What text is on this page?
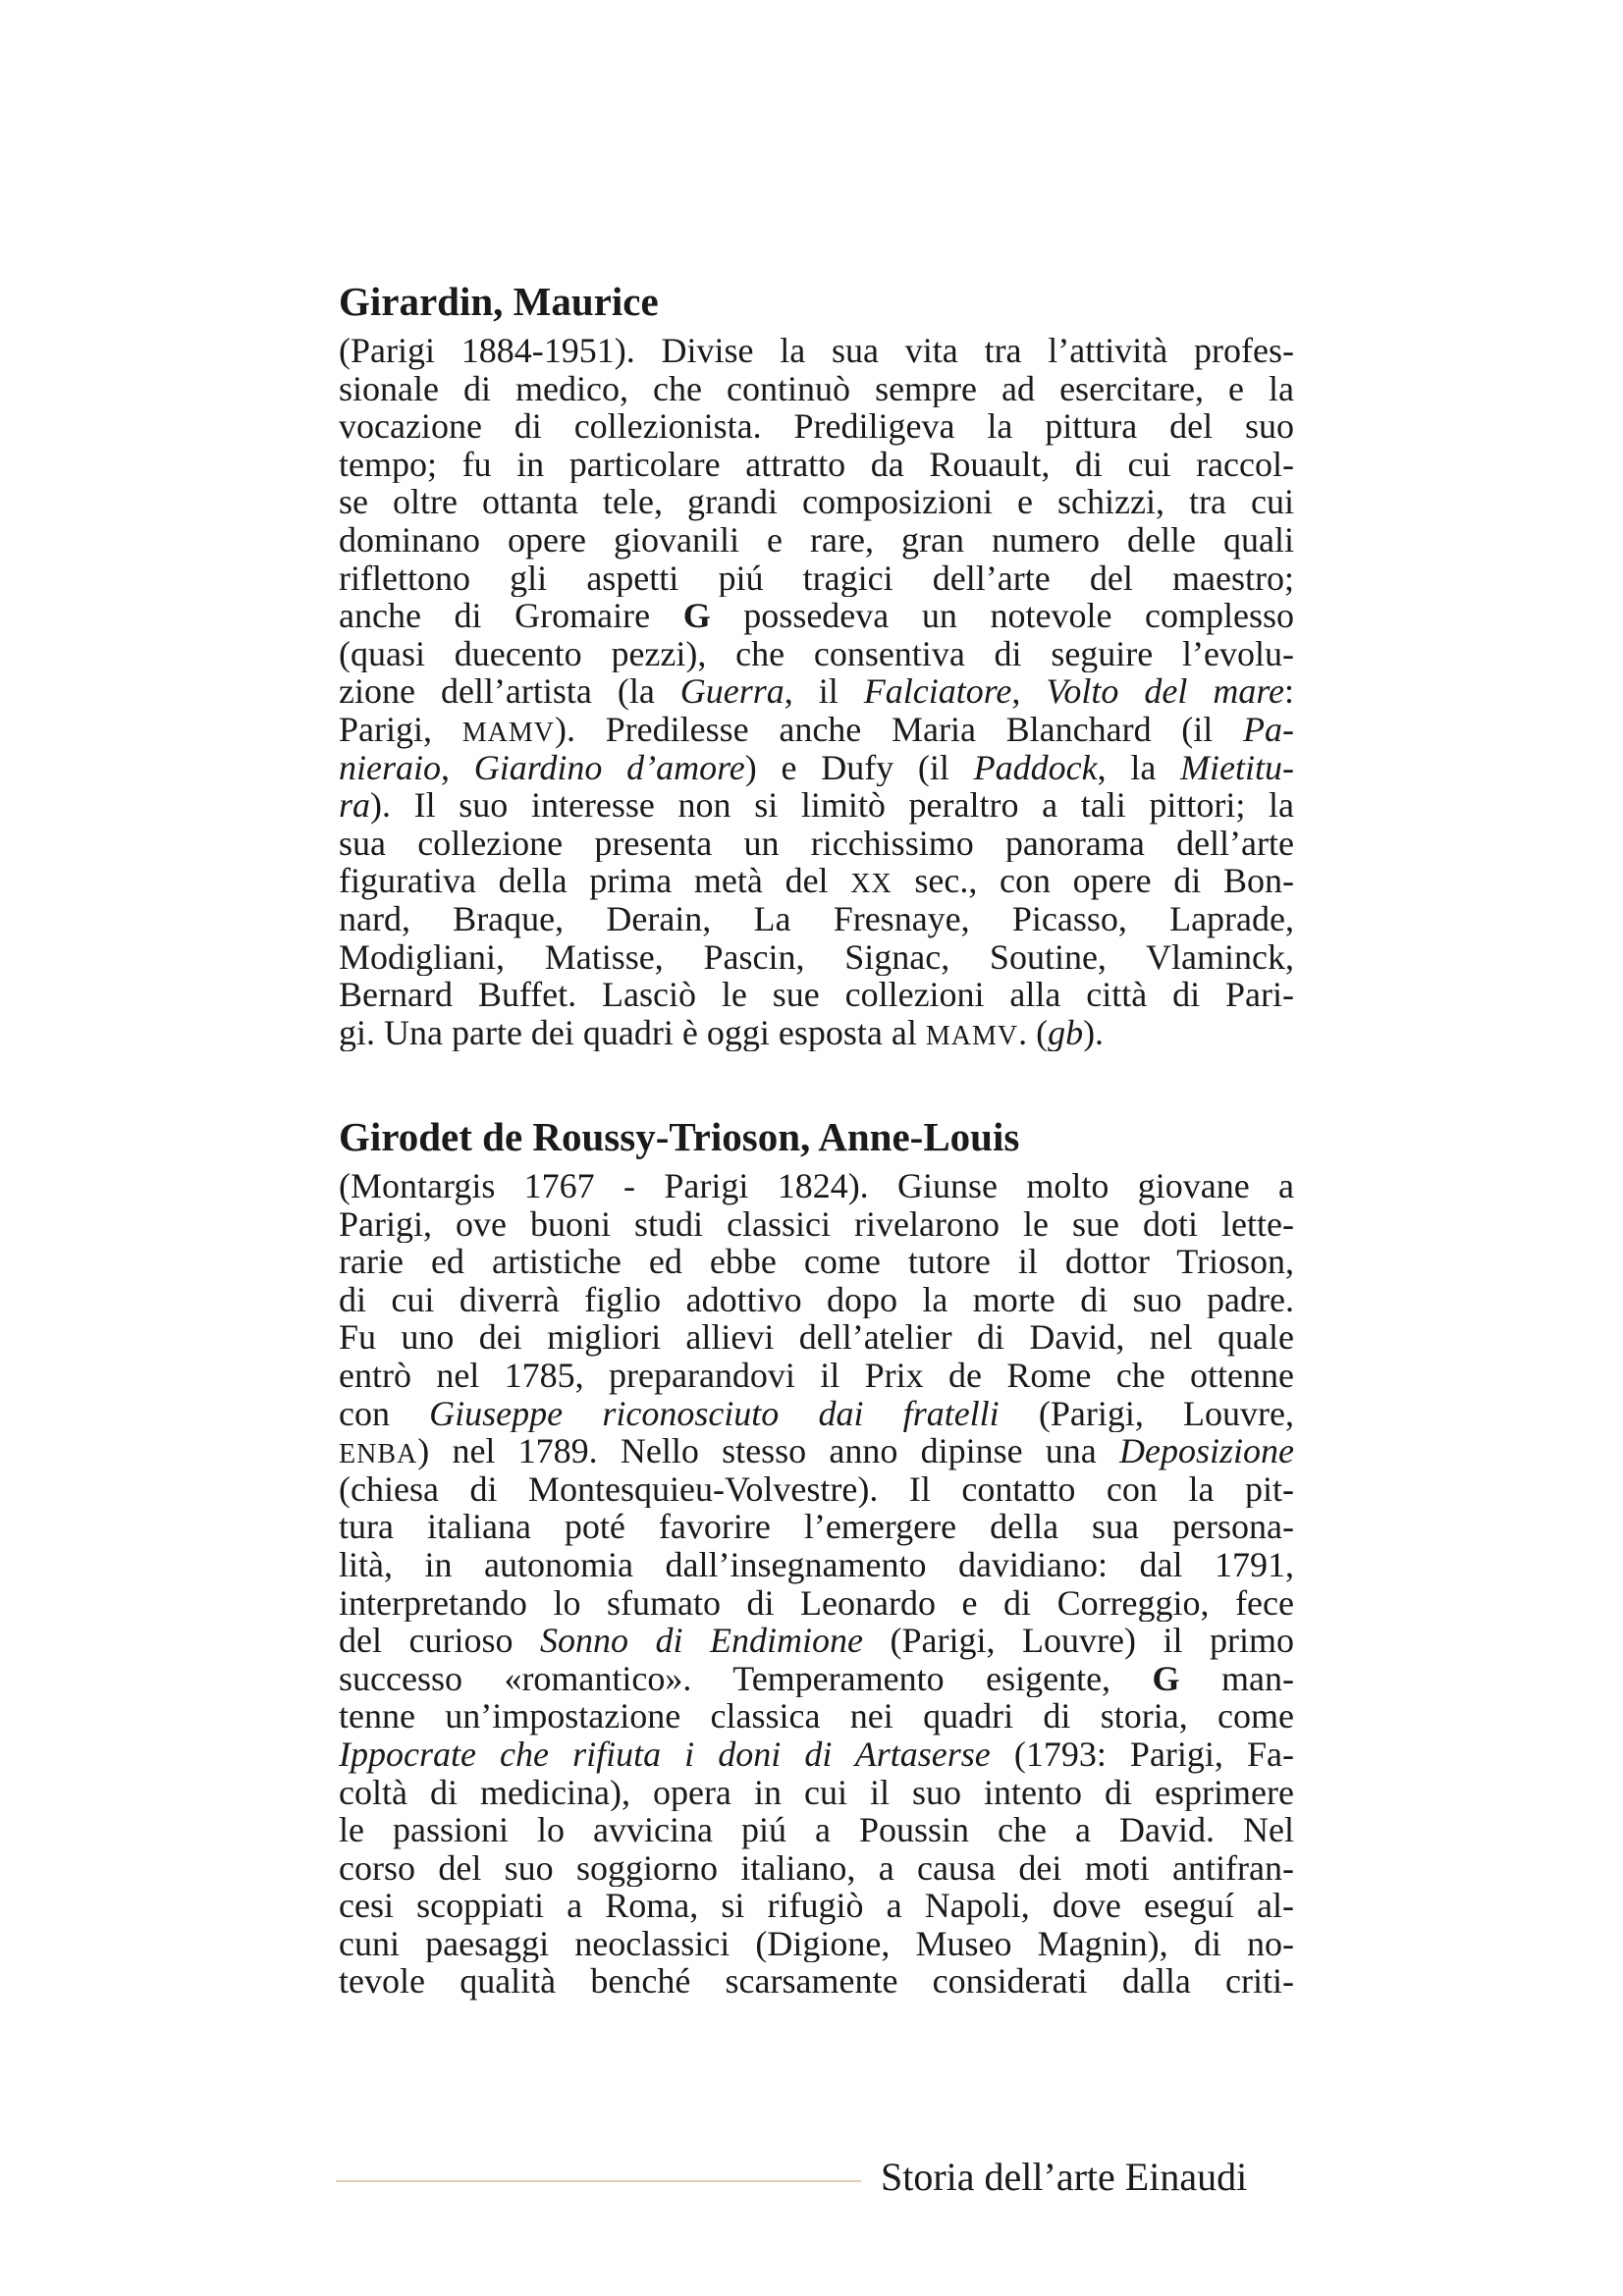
Girardin, Maurice
(Parigi 1884-1951). Divise la sua vita tra l’attività profes-
sionale di medico, che continuò sempre ad esercitare, e la
vocazione di collezionista. Prediligeva la pittura del suo
tempo; fu in particolare attratto da Rouault, di cui raccol-
se oltre ottanta tele, grandi composizioni e schizzi, tra cui
dominano opere giovanili e rare, gran numero delle quali
riflettono gli aspetti piú tragici dell’arte del maestro;
anche di Gromaire G possedeva un notevole complesso
(quasi duecento pezzi), che consentiva di seguire l’evolu-
zione dell’artista (la Guerra, il Falciatore, Volto del mare:
Parigi, MAMV). Predilesse anche Maria Blanchard (il Pa-
nieraio, Giardino d’amore) e Dufy (il Paddock, la Mietitu-
ra). Il suo interesse non si limitò peraltro a tali pittori; la
sua collezione presenta un ricchissimo panorama dell’arte
figurativa della prima metà del XX sec., con opere di Bon-
nard, Braque, Derain, La Fresnaye, Picasso, Laprade,
Modigliani, Matisse, Pascin, Signac, Soutine, Vlaminck,
Bernard Buffet. Lasciò le sue collezioni alla città di Pari-
gi. Una parte dei quadri è oggi esposta al MAMV. (gb).
Girodet de Roussy-Trioson, Anne-Louis
(Montargis 1767 - Parigi 1824). Giunse molto giovane a
Parigi, ove buoni studi classici rivelarono le sue doti lette-
rarie ed artistiche ed ebbe come tutore il dottor Trioson,
di cui diverrà figlio adottivo dopo la morte di suo padre.
Fu uno dei migliori allievi dell’atelier di David, nel quale
entrò nel 1785, preparandovi il Prix de Rome che ottenne
con Giuseppe riconosciuto dai fratelli (Parigi, Louvre,
ENBA) nel 1789. Nello stesso anno dipinse una Deposizione
(chiesa di Montesquieu-Volvestre). Il contatto con la pit-
tura italiana poté favorire l’emergere della sua persona-
lità, in autonomia dall’insegnamento davidiano: dal 1791,
interpretando lo sfumato di Leonardo e di Correggio, fece
del curioso Sonno di Endimione (Parigi, Louvre) il primo
successo «romantico». Temperamento esigente, G man-
tenne un’impostazione classica nei quadri di storia, come
Ippocrate che rifiuta i doni di Artaserse (1793: Parigi, Fa-
coltà di medicina), opera in cui il suo intento di esprimere
le passioni lo avvicina piú a Poussin che a David. Nel
corso del suo soggiorno italiano, a causa dei moti antifran-
cesi scoppiati a Roma, si rifugiò a Napoli, dove eseguí al-
cuni paesaggi neoclassici (Digione, Museo Magnin), di no-
tevole qualità benché scarsamente considerati dalla criti-
Storia dell’arte Einaudi
